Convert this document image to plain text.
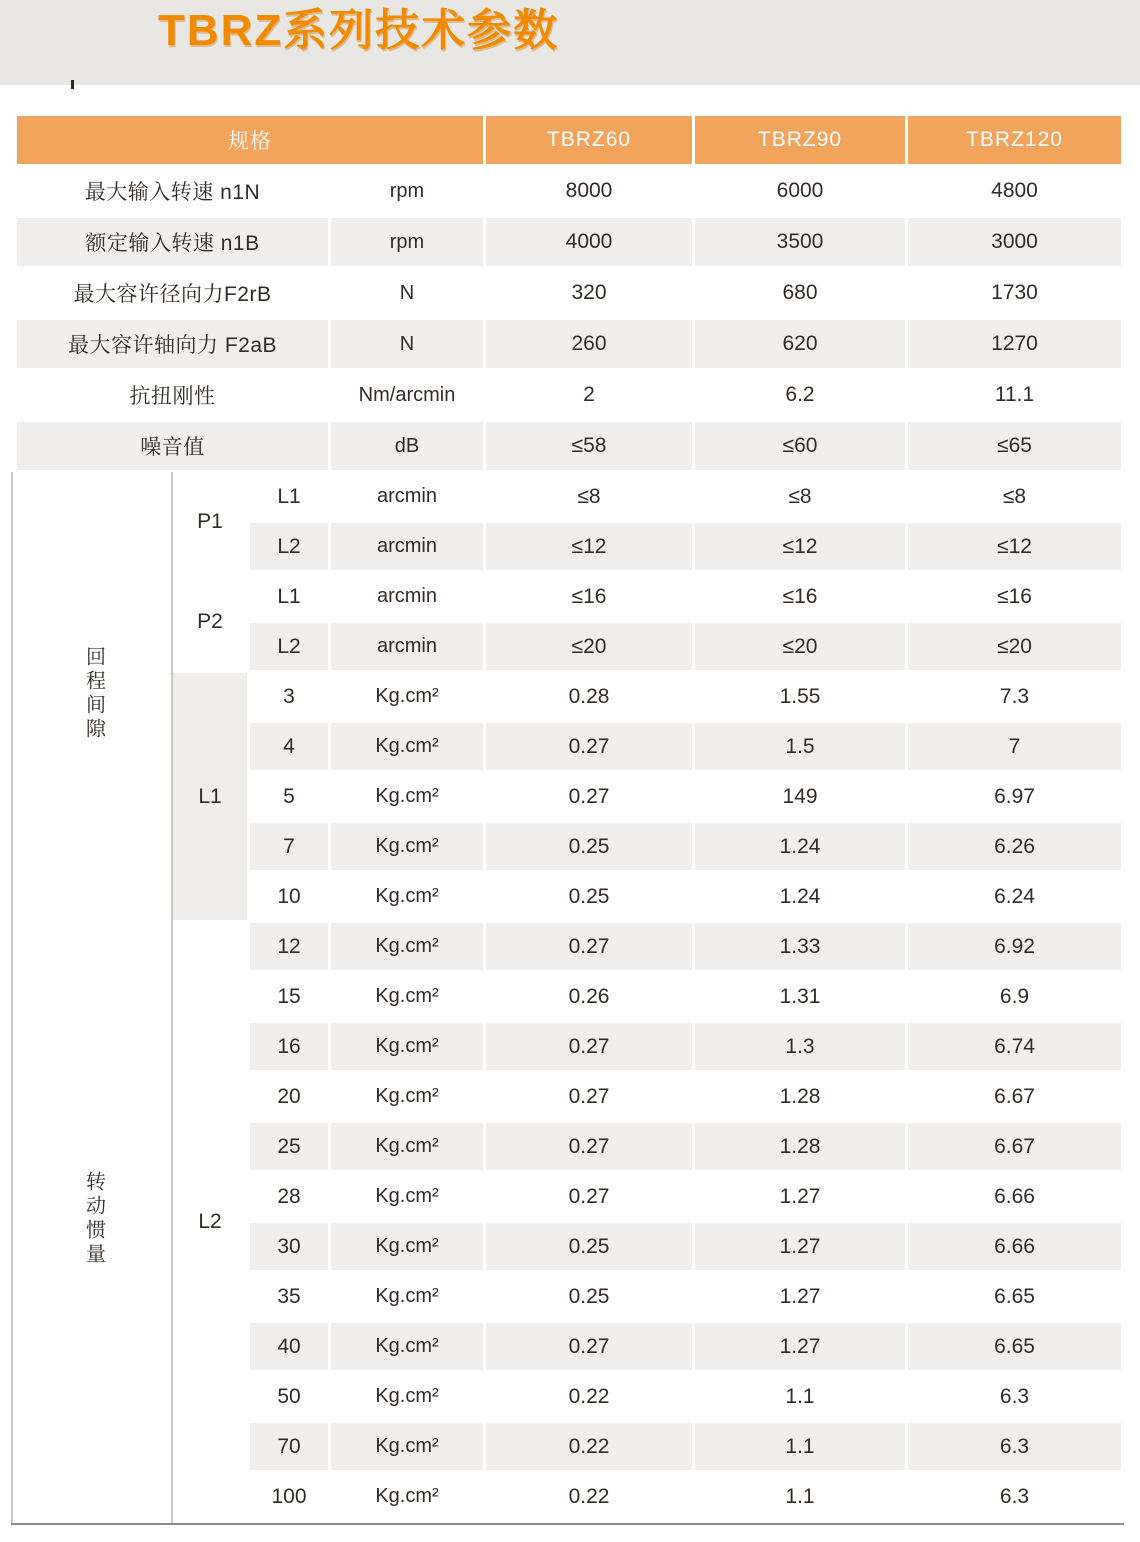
TBRZ系列技术参数
规格				TBRZ60	TBRZ90	TBRZ120
最大输入转速 n1N			rpm	8000	6000	4800
额定输入转速 n1B			rpm	4000	3500	3000
最大容许径向力F2rB			N	320	680	1730
最大容许轴向力 F2aB			N	260	620	1270
抗扭刚性			Nm/arcmin	2	6.2	11.1
噪音值			dB	≤58	≤60	≤65
回程间隙	P1	L1	arcmin	≤8	≤8	≤8
		L2	arcmin	≤12	≤12	≤12
	P2	L1	arcmin	≤16	≤16	≤16
		L2	arcmin	≤20	≤20	≤20
	L1	3	Kg.cm²	0.28	1.55	7.3
		4	Kg.cm²	0.27	1.5	7
		5	Kg.cm²	0.27	149	6.97
		7	Kg.cm²	0.25	1.24	6.26
		10	Kg.cm²	0.25	1.24	6.24
转动惯量	L2	12	Kg.cm²	0.27	1.33	6.92
		15	Kg.cm²	0.26	1.31	6.9
		16	Kg.cm²	0.27	1.3	6.74
		20	Kg.cm²	0.27	1.28	6.67
		25	Kg.cm²	0.27	1.28	6.67
		28	Kg.cm²	0.27	1.27	6.66
		30	Kg.cm²	0.25	1.27	6.66
		35	Kg.cm²	0.25	1.27	6.65
		40	Kg.cm²	0.27	1.27	6.65
		50	Kg.cm²	0.22	1.1	6.3
		70	Kg.cm²	0.22	1.1	6.3
		100	Kg.cm²	0.22	1.1	6.3
